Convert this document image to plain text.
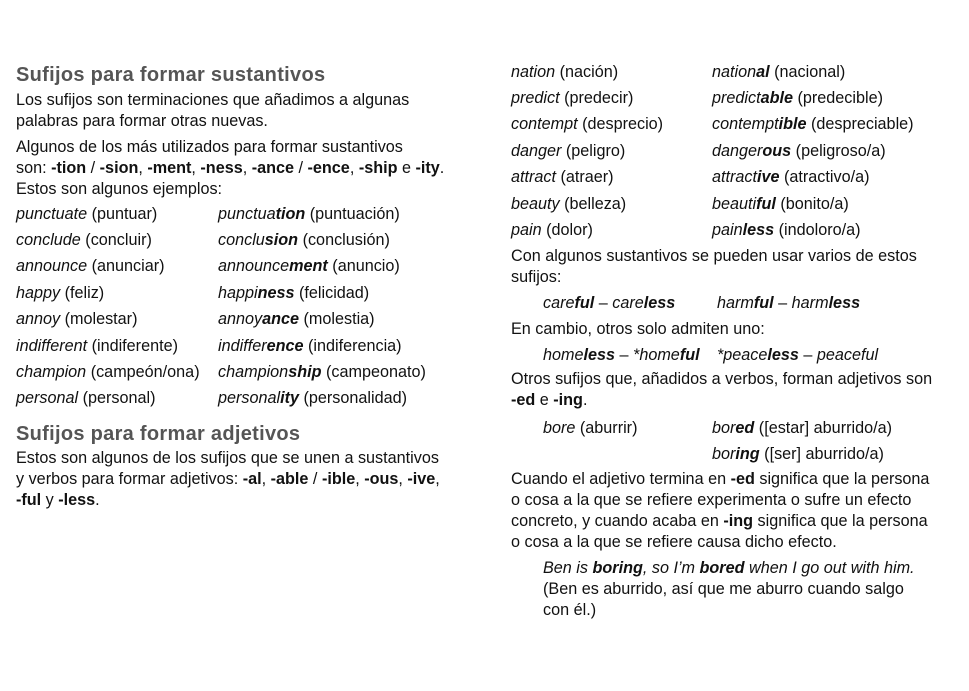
Sufijos para formar sustantivos

Los sufijos son terminaciones que añadimos a algunas
palabras para formar otras nuevas.

Algunos de los más utilizados para formar sustantivos
son: -tion / -sion, -ment, -ness, -ance / -ence, -ship e -ity.
Estos son algunos ejemplos:

punctuate (puntuar)	punctuation (puntuación)
conclude (concluir)	conclusion (conclusión)
announce (anunciar)	announcement (anuncio)
happy (feliz)	happiness (felicidad)
annoy (molestar)	annoyance (molestia)
indifferent (indiferente)	indifference (indiferencia)
champion (campeón/ona)	championship (campeonato)
personal (personal)	personality (personalidad)
Sufijos para formar adjetivos

Estos son algunos de los sufijos que se unen a sustantivos
y verbos para formar adjetivos: -al, -able / -ible, -ous, -ive,
-ful y -less.

nation (nación)	national (nacional)
predict (predecir)	predictable (predecible)
contempt (desprecio)	contemptible (despreciable)
danger (peligro)	dangerous (peligroso/a)
attract (atraer)	attractive (atractivo/a)
beauty (belleza)	beautiful (bonito/a)
pain (dolor)	painless (indoloro/a)

Con algunos sustantivos se pueden usar varios de estos
sufijos:

careful – careless	harmful – harmless

En cambio, otros solo admiten uno:

homeless – *homeful *peaceless – peaceful

Otros sufijos que, añadidos a verbos, forman adjetivos son
-ed e -ing.

bore (aburrir)	bored ([estar] aburrido/a)
boring ([ser] aburrido/a)

Cuando el adjetivo termina en -ed significa que la persona
o cosa a la que se refiere experimenta o sufre un efecto
concreto, y cuando acaba en -ing significa que la persona
o cosa a la que se refiere causa dicho efecto.

Ben is boring, so I’m bored when I go out with him.
(Ben es aburrido, así que me aburro cuando salgo
con él.)
